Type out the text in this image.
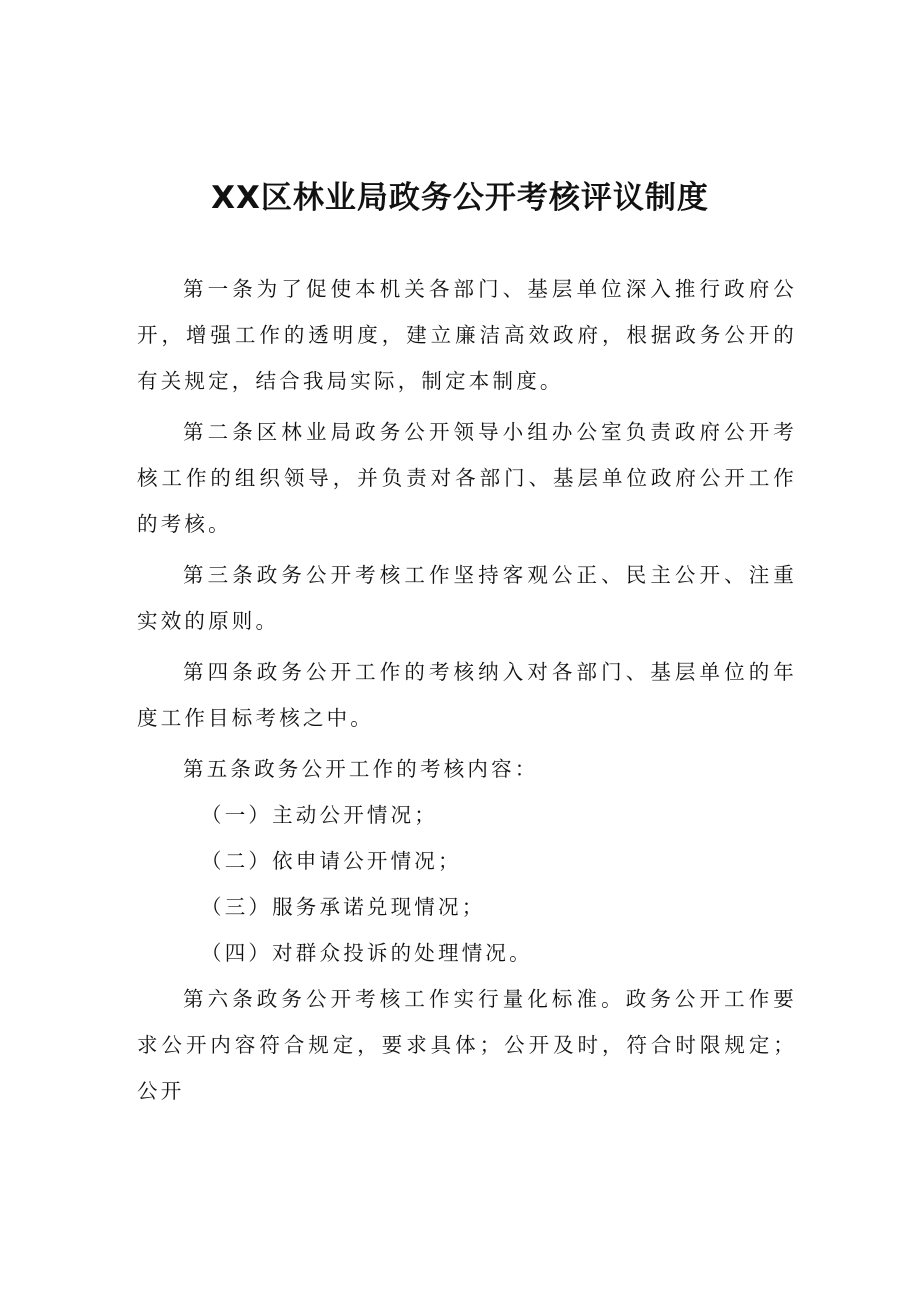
XX区林业局政务公开考核评议制度

第一条为了促使本机关各部门、基层单位深入推行政府公开，增强工作的透明度，建立廉洁高效政府，根据政务公开的有关规定，结合我局实际，制定本制度。

第二条区林业局政务公开领导小组办公室负责政府公开考核工作的组织领导，并负责对各部门、基层单位政府公开工作的考核。

第三条政务公开考核工作坚持客观公正、民主公开、注重实效的原则。

第四条政务公开工作的考核纳入对各部门、基层单位的年度工作目标考核之中。

第五条政务公开工作的考核内容：

（一）主动公开情况；

（二）依申请公开情况；

（三）服务承诺兑现情况；

（四）对群众投诉的处理情况。

第六条政务公开考核工作实行量化标准。政务公开工作要求公开内容符合规定，要求具体；公开及时，符合时限规定；公开
